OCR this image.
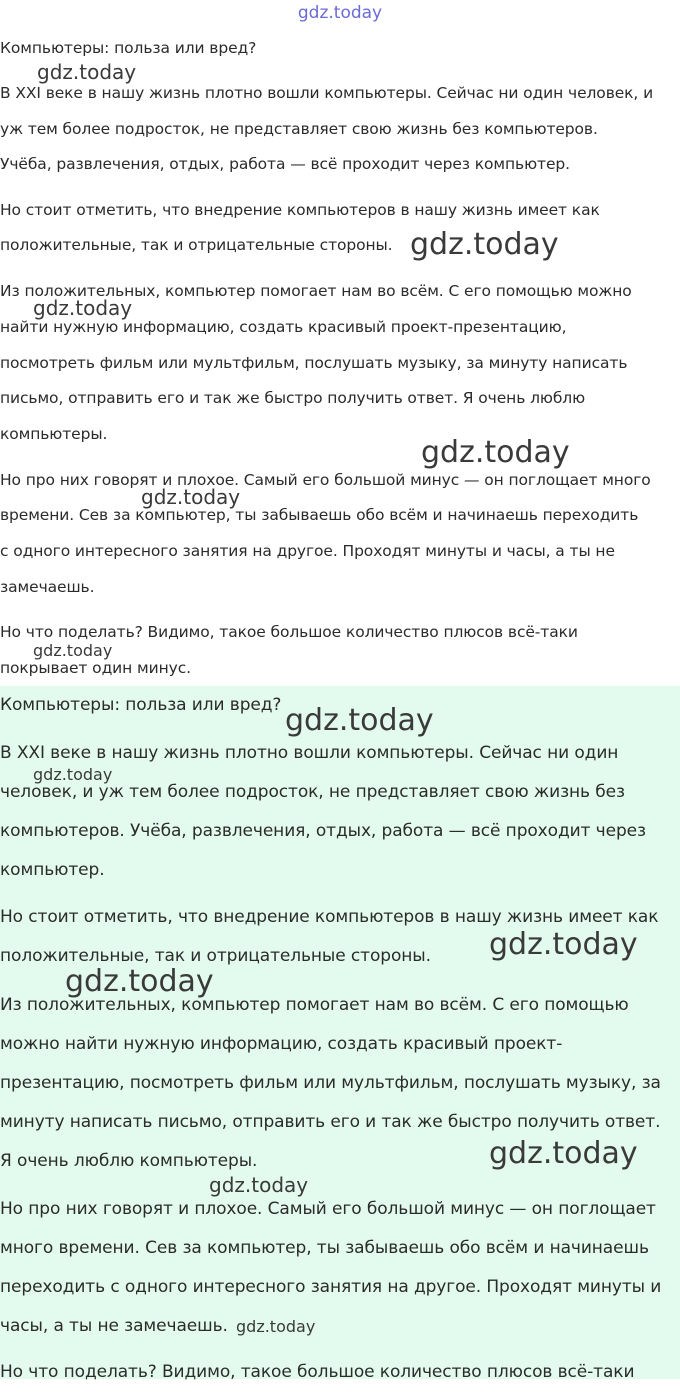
gdz.today

Компьютеры: польза или вред?

В XXI веке в нашу жизнь плотно вошли компьютеры. Сейчас ни один человек, и

уж тем более подросток, не представляет свою жизнь без компьютеров.

Учёба, развлечения, отдых, работа — всё проходит через компьютер.

Но стоит отметить, что внедрение компьютеров в нашу жизнь имеет как

положительные, так и отрицательные стороны.

Из положительных, компьютер помогает нам во всём. С его помощью можно

найти нужную информацию, создать красивый проект-презентацию,

посмотреть фильм или мультфильм, послушать музыку, за минуту написать

письмо, отправить его и так же быстро получить ответ. Я очень люблю

компьютеры.

Но про них говорят и плохое. Самый его большой минус — он поглощает много

времени. Сев за компьютер, ты забываешь обо всём и начинаешь переходить

с одного интересного занятия на другое. Проходят минуты и часы, а ты не

замечаешь.

Но что поделать? Видимо, такое большое количество плюсов всё-таки

покрывает один минус.

Компьютеры: польза или вред?

В XXI веке в нашу жизнь плотно вошли компьютеры. Сейчас ни один

человек, и уж тем более подросток, не представляет свою жизнь без

компьютеров. Учёба, развлечения, отдых, работа — всё проходит через

компьютер.

Но стоит отметить, что внедрение компьютеров в нашу жизнь имеет как

положительные, так и отрицательные стороны.

Из положительных, компьютер помогает нам во всём. С его помощью

можно найти нужную информацию, создать красивый проект-

презентацию, посмотреть фильм или мультфильм, послушать музыку, за

минуту написать письмо, отправить его и так же быстро получить ответ.

Я очень люблю компьютеры.

Но про них говорят и плохое. Самый его большой минус — он поглощает

много времени. Сев за компьютер, ты забываешь обо всём и начинаешь

переходить с одного интересного занятия на другое. Проходят минуты и

часы, а ты не замечаешь.

Но что поделать? Видимо, такое большое количество плюсов всё-таки

gdz.today
gdz.today
gdz.today
gdz.today
gdz.today
gdz.today
gdz.today
gdz.today
gdz.today
gdz.today
gdz.today
gdz.today
gdz.today
